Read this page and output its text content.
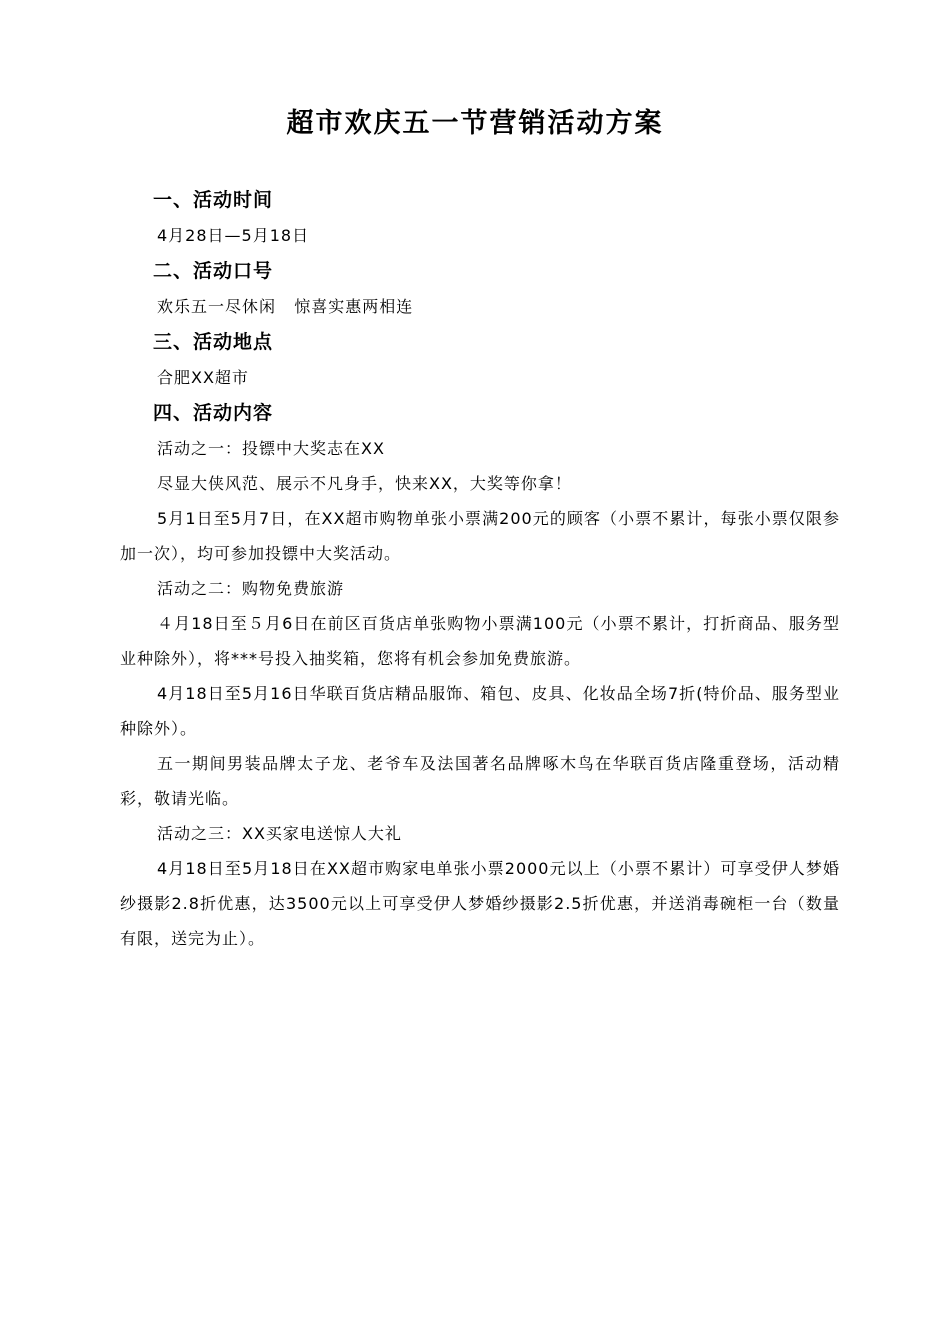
超市欢庆五一节营销活动方案
一、活动时间
4月28日—5月18日
二、活动口号
欢乐五一尽休闲   惊喜实惠两相连
三、活动地点
合肥XX超市
四、活动内容
活动之一：投镖中大奖志在XX

尽显大侠风范、展示不凡身手，快来XX，大奖等你拿！

5月1日至5月7日，在XX超市购物单张小票满200元的顾客（小票不累计，每张小票仅限参加一次），均可参加投镖中大奖活动。

活动之二：购物免费旅游

４月18日至５月6日在前区百货店单张购物小票满100元（小票不累计，打折商品、服务型业种除外），将***号投入抽奖箱，您将有机会参加免费旅游。

4月18日至5月16日华联百货店精品服饰、箱包、皮具、化妆品全场7折(特价品、服务型业种除外）。

五一期间男装品牌太子龙、老爷车及法国著名品牌啄木鸟在华联百货店隆重登场，活动精彩，敬请光临。

活动之三：XX买家电送惊人大礼

4月18日至5月18日在XX超市购家电单张小票2000元以上（小票不累计）可享受伊人梦婚纱摄影2.8折优惠，达3500元以上可享受伊人梦婚纱摄影2.5折优惠，并送消毒碗柜一台（数量有限，送完为止）。
